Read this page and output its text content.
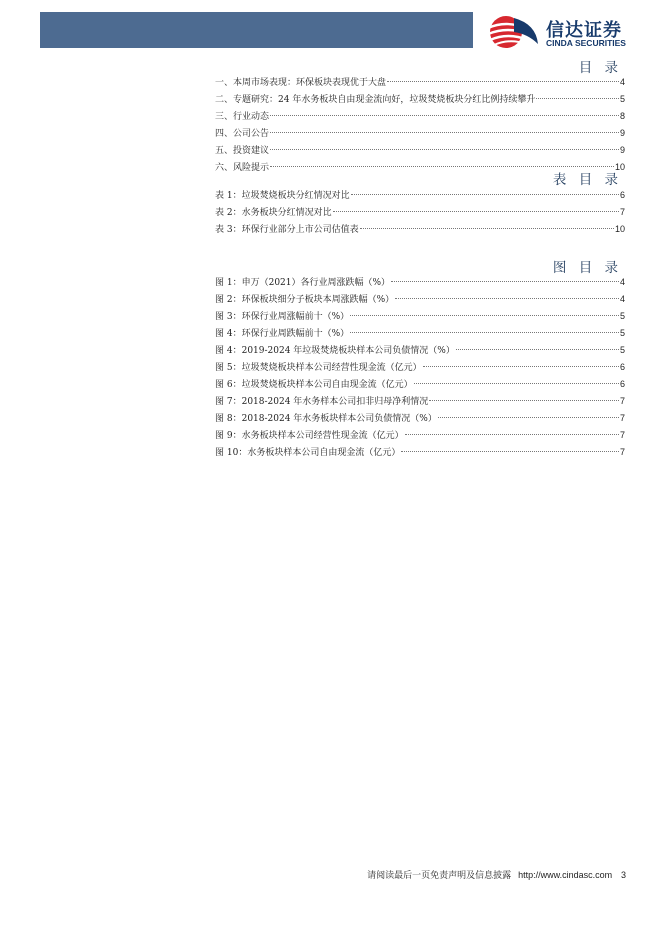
信达证券
CINDA SECURITIES
目 录
一、本周市场表现：环保板块表现优于大盘	4
二、专题研究：24 年水务板块自由现金流向好，垃圾焚烧板块分红比例持续攀升	5
三、行业动态	8
四、公司公告	9
五、投资建议	9
六、风险提示	10
表 目 录
表 1：垃圾焚烧板块分红情况对比	6
表 2：水务板块分红情况对比	7
表 3：环保行业部分上市公司估值表	10
图 目 录
图 1：申万（2021）各行业周涨跌幅（%）	4
图 2：环保板块细分子板块本周涨跌幅（%）	4
图 3：环保行业周涨幅前十（%）	5
图 4：环保行业周跌幅前十（%）	5
图 4：2019-2024 年垃圾焚烧板块样本公司负债情况（%）	5
图 5：垃圾焚烧板块样本公司经营性现金流（亿元）	6
图 6：垃圾焚烧板块样本公司自由现金流（亿元）	6
图 7：2018-2024 年水务样本公司扣非归母净利情况	7
图 8：2018-2024 年水务板块样本公司负债情况（%）	7
图 9：水务板块样本公司经营性现金流（亿元）	7
图 10：水务板块样本公司自由现金流（亿元）	7
请阅读最后一页免责声明及信息披露 http://www.cindasc.com 3
